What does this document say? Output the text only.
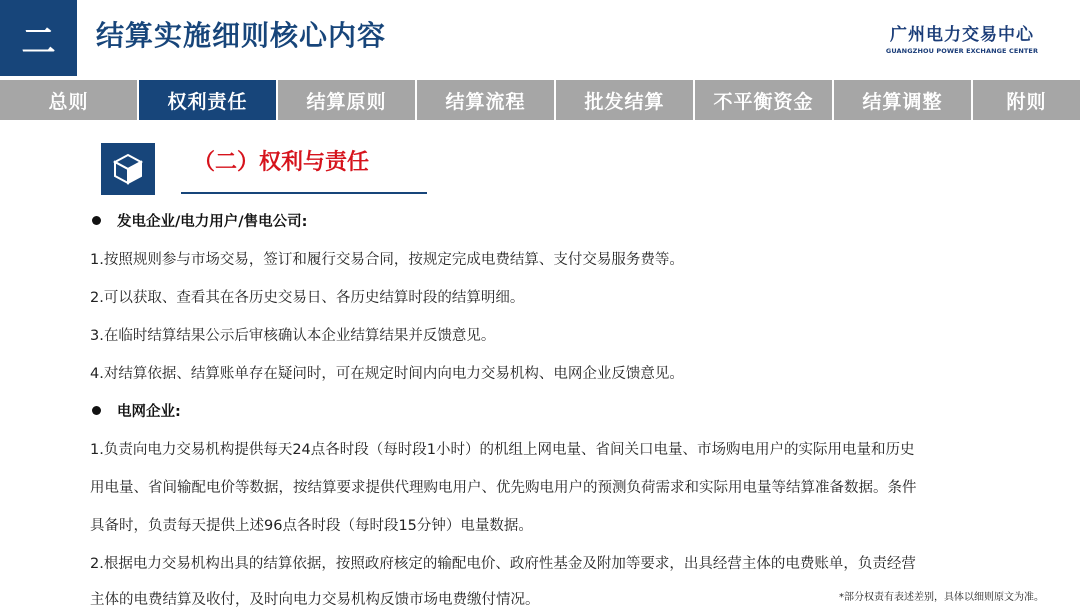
二	结算实施细则核心内容	广州电力交易中心
GUANGZHOU POWER EXCHANGE CENTER
总则	权利责任	结算原则	结算流程	批发结算	不平衡资金	结算调整	附则
（二）权利与责任
发电企业/电力用户/售电公司:
1.按照规则参与市场交易，签订和履行交易合同，按规定完成电费结算、支付交易服务费等。
2.可以获取、查看其在各历史交易日、各历史结算时段的结算明细。
3.在临时结算结果公示后审核确认本企业结算结果并反馈意见。
4.对结算依据、结算账单存在疑问时，可在规定时间内向电力交易机构、电网企业反馈意见。
电网企业:
1.负责向电力交易机构提供每天24点各时段（每时段1小时）的机组上网电量、省间关口电量、市场购电用户的实际用电量和历史
用电量、省间输配电价等数据，按结算要求提供代理购电用户、优先购电用户的预测负荷需求和实际用电量等结算准备数据。条件
具备时，负责每天提供上述96点各时段（每时段15分钟）电量数据。
2.根据电力交易机构出具的结算依据，按照政府核定的输配电价、政府性基金及附加等要求，出具经营主体的电费账单，负责经营
主体的电费结算及收付，及时向电力交易机构反馈市场电费缴付情况。	*部分权责有表述差别，具体以细则原文为准。
